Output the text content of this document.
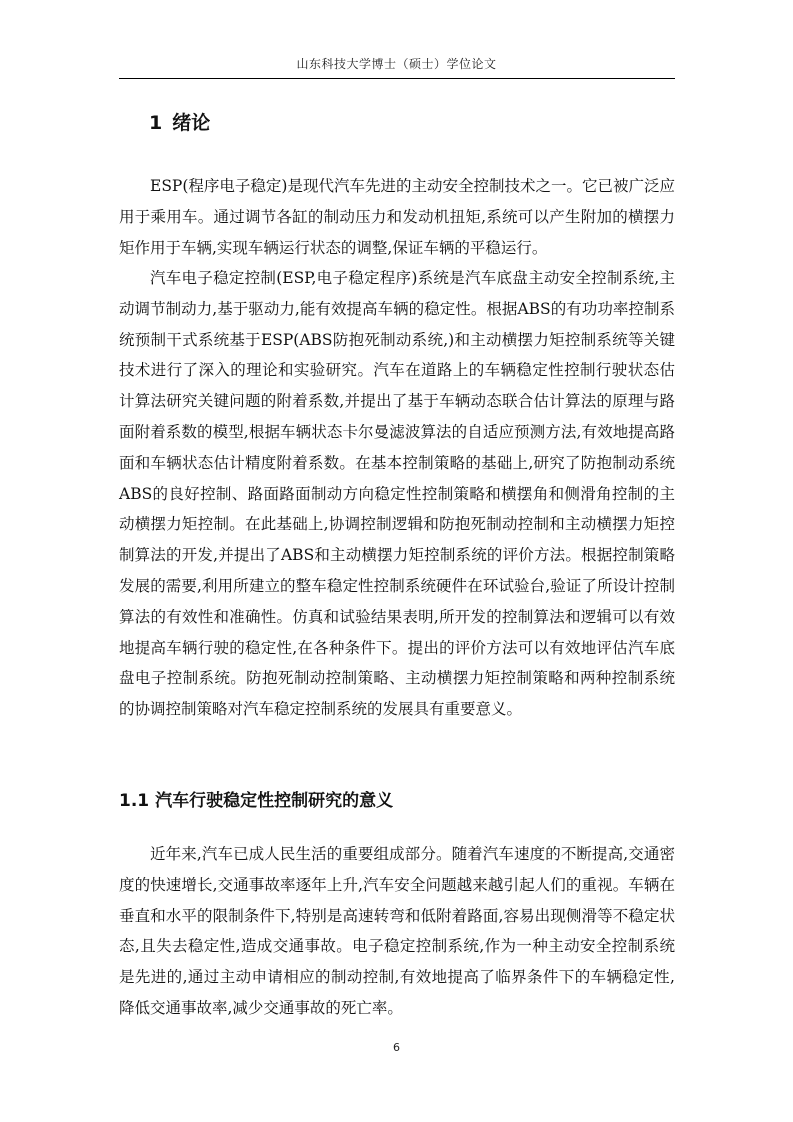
山东科技大学博士（硕士）学位论文
1 绪论

ESP(程序电子稳定)是现代汽车先进的主动安全控制技术之一。它已被广泛应用于乘用车。通过调节各缸的制动压力和发动机扭矩,系统可以产生附加的横摆力矩作用于车辆,实现车辆运行状态的调整,保证车辆的平稳运行。

汽车电子稳定控制(ESP,电子稳定程序)系统是汽车底盘主动安全控制系统,主动调节制动力,基于驱动力,能有效提高车辆的稳定性。根据ABS的有功功率控制系统预制干式系统基于ESP(ABS防抱死制动系统,)和主动横摆力矩控制系统等关键技术进行了深入的理论和实验研究。汽车在道路上的车辆稳定性控制行驶状态估计算法研究关键问题的附着系数,并提出了基于车辆动态联合估计算法的原理与路面附着系数的模型,根据车辆状态卡尔曼滤波算法的自适应预测方法,有效地提高路面和车辆状态估计精度附着系数。在基本控制策略的基础上,研究了防抱制动系统ABS的良好控制、路面路面制动方向稳定性控制策略和横摆角和侧滑角控制的主动横摆力矩控制。在此基础上,协调控制逻辑和防抱死制动控制和主动横摆力矩控制算法的开发,并提出了ABS和主动横摆力矩控制系统的评价方法。根据控制策略发展的需要,利用所建立的整车稳定性控制系统硬件在环试验台,验证了所设计控制算法的有效性和准确性。仿真和试验结果表明,所开发的控制算法和逻辑可以有效地提高车辆行驶的稳定性,在各种条件下。提出的评价方法可以有效地评估汽车底盘电子控制系统。防抱死制动控制策略、主动横摆力矩控制策略和两种控制系统的协调控制策略对汽车稳定控制系统的发展具有重要意义。

1.1 汽车行驶稳定性控制研究的意义

近年来,汽车已成人民生活的重要组成部分。随着汽车速度的不断提高,交通密度的快速增长,交通事故率逐年上升,汽车安全问题越来越引起人们的重视。车辆在垂直和水平的限制条件下,特别是高速转弯和低附着路面,容易出现侧滑等不稳定状态,且失去稳定性,造成交通事故。电子稳定控制系统,作为一种主动安全控制系统是先进的,通过主动申请相应的制动控制,有效地提高了临界条件下的车辆稳定性,降低交通事故率,减少交通事故的死亡率。

6
